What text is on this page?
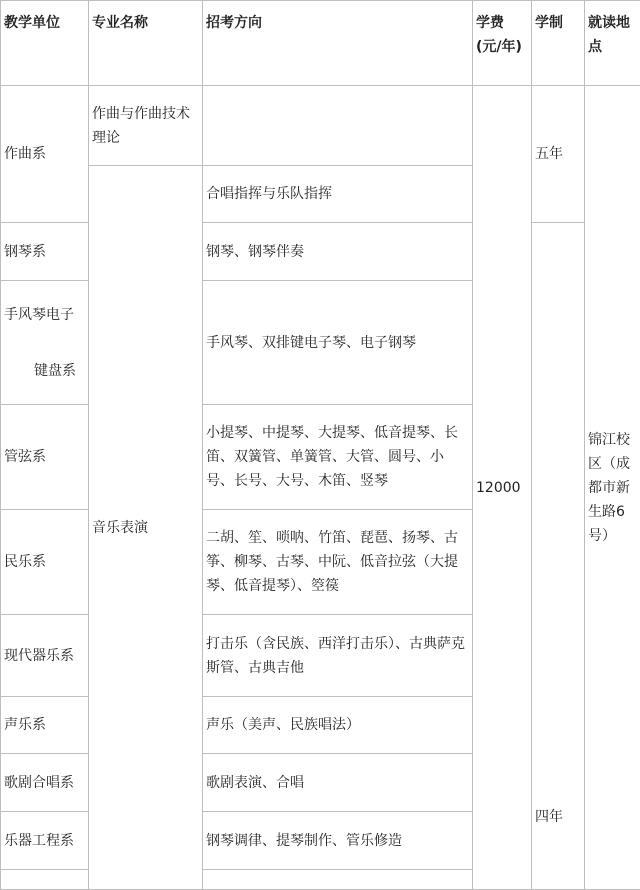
教学单位	专业名称	招考方向	学费(元/年)	学制	就读地点
作曲系	作曲与作曲技术理论		12000	五年	锦江校区（成都市新生路6号）
	音乐表演	合唱指挥与乐队指挥			
钢琴系		钢琴、钢琴伴奏		四年	
手风琴电子
键盘系		手风琴、双排键电子琴、电子钢琴			
管弦系		小提琴、中提琴、大提琴、低音提琴、长笛、双簧管、单簧管、大管、圆号、小号、长号、大号、木笛、竖琴			
民乐系		二胡、笙、唢呐、竹笛、琵琶、扬琴、古筝、柳琴、古琴、中阮、低音拉弦（大提琴、低音提琴）、箜篌			
现代器乐系		打击乐（含民族、西洋打击乐）、古典萨克斯管、古典吉他			
声乐系		声乐（美声、民族唱法）			
歌剧合唱系		歌剧表演、合唱			
乐器工程系		钢琴调律、提琴制作、管乐修造			
